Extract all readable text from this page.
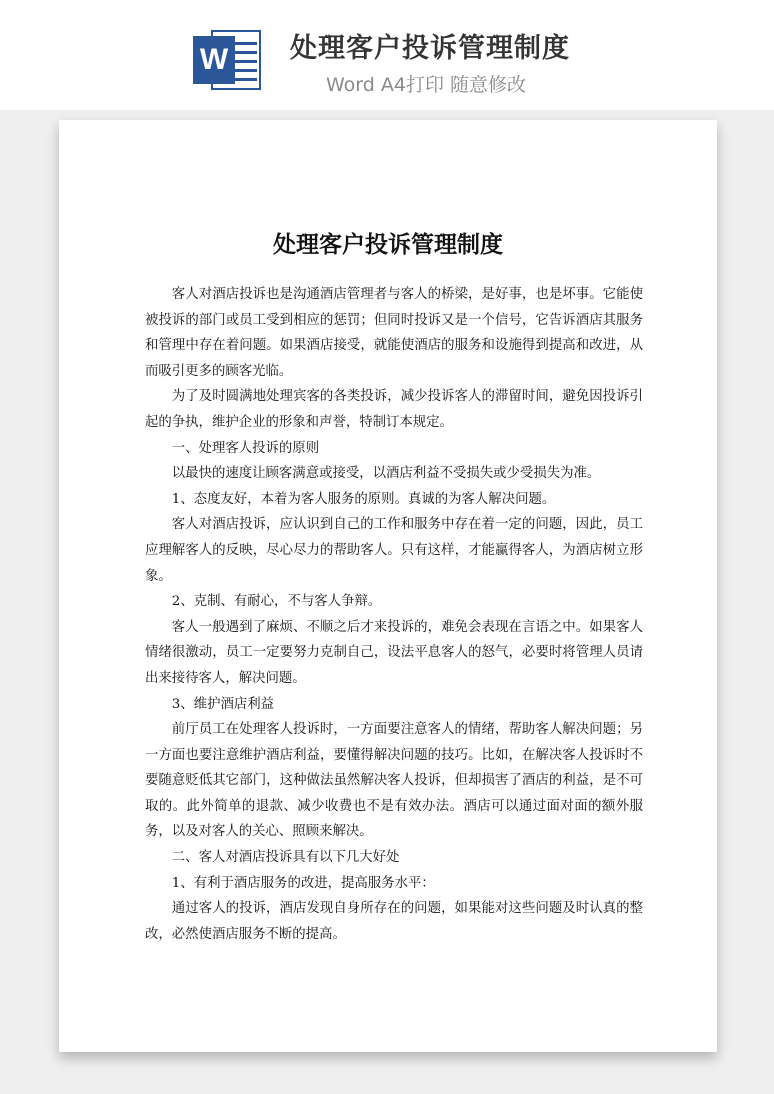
W 处理客户投诉管理制度
Word A4打印 随意修改
处理客户投诉管理制度

客人对酒店投诉也是沟通酒店管理者与客人的桥梁，是好事，也是坏事。它能使被投诉的部门或员工受到相应的惩罚；但同时投诉又是一个信号，它告诉酒店其服务和管理中存在着问题。如果酒店接受，就能使酒店的服务和设施得到提高和改进，从而吸引更多的顾客光临。

为了及时圆满地处理宾客的各类投诉，减少投诉客人的滞留时间，避免因投诉引起的争执，维护企业的形象和声誉，特制订本规定。

一、处理客人投诉的原则

以最快的速度让顾客满意或接受，以酒店利益不受损失或少受损失为准。

1、态度友好，本着为客人服务的原则。真诚的为客人解决问题。

客人对酒店投诉，应认识到自己的工作和服务中存在着一定的问题，因此，员工应理解客人的反映，尽心尽力的帮助客人。只有这样，才能赢得客人，为酒店树立形象。

2、克制、有耐心，不与客人争辩。

客人一般遇到了麻烦、不顺之后才来投诉的，难免会表现在言语之中。如果客人情绪很激动，员工一定要努力克制自己，设法平息客人的怒气，必要时将管理人员请出来接待客人，解决问题。

3、维护酒店利益

前厅员工在处理客人投诉时，一方面要注意客人的情绪，帮助客人解决问题；另一方面也要注意维护酒店利益，要懂得解决问题的技巧。比如，在解决客人投诉时不要随意贬低其它部门，这种做法虽然解决客人投诉，但却损害了酒店的利益，是不可取的。此外简单的退款、减少收费也不是有效办法。酒店可以通过面对面的额外服务，以及对客人的关心、照顾来解决。

二、客人对酒店投诉具有以下几大好处

1、有利于酒店服务的改进，提高服务水平：

通过客人的投诉，酒店发现自身所存在的问题，如果能对这些问题及时认真的整改，必然使酒店服务不断的提高。
